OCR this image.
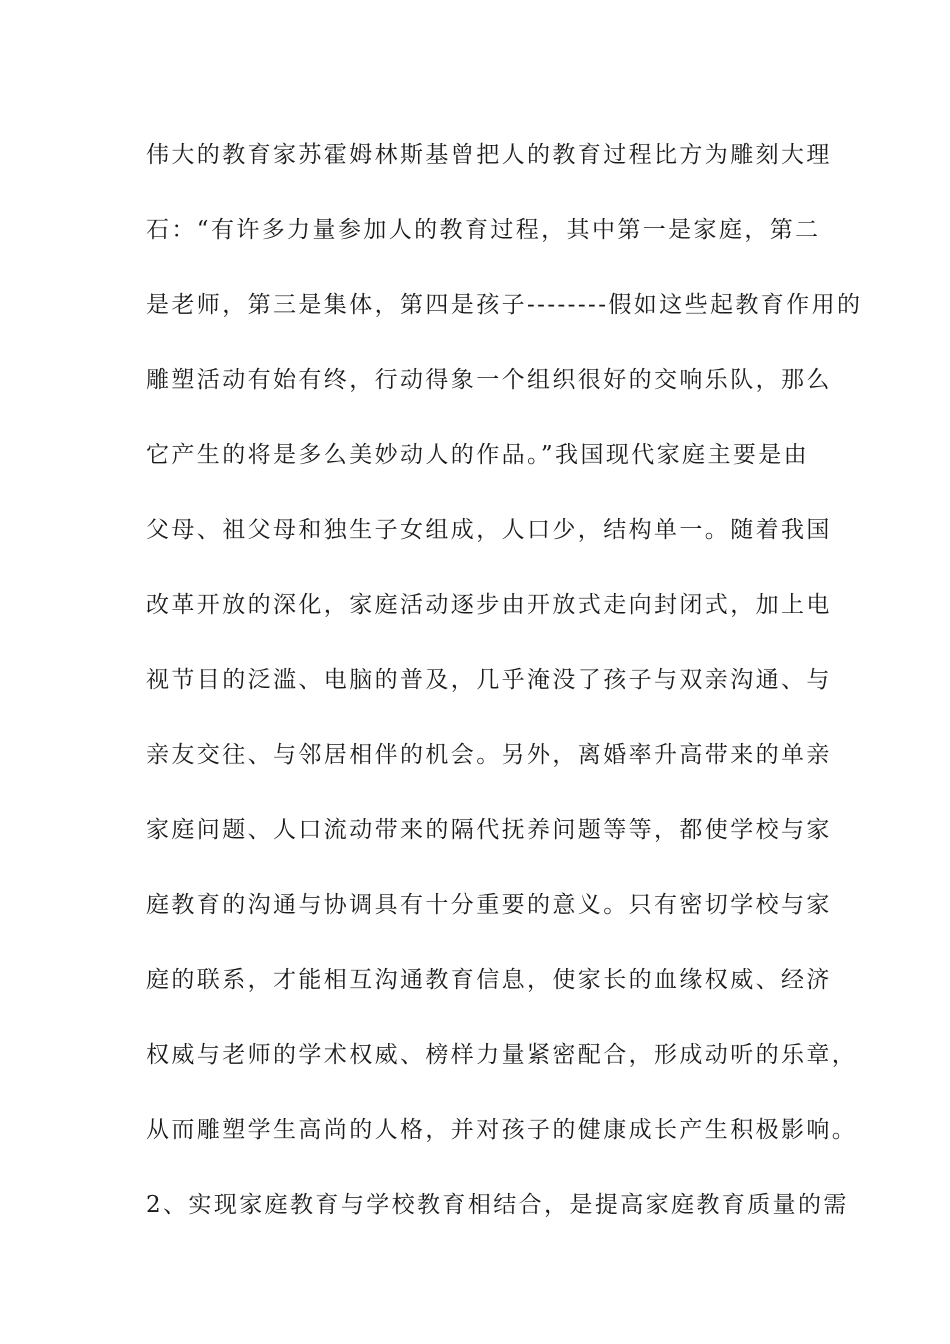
伟大的教育家苏霍姆林斯基曾把人的教育过程比方为雕刻大理
石：“有许多力量参加人的教育过程，其中第一是家庭，第二
是老师，第三是集体，第四是孩子--------假如这些起教育作用的
雕塑活动有始有终，行动得象一个组织很好的交响乐队，那么
它产生的将是多么美妙动人的作品。”我国现代家庭主要是由
父母、祖父母和独生子女组成，人口少，结构单一。随着我国
改革开放的深化，家庭活动逐步由开放式走向封闭式，加上电
视节目的泛滥、电脑的普及，几乎淹没了孩子与双亲沟通、与
亲友交往、与邻居相伴的机会。另外，离婚率升高带来的单亲
家庭问题、人口流动带来的隔代抚养问题等等，都使学校与家
庭教育的沟通与协调具有十分重要的意义。只有密切学校与家
庭的联系，才能相互沟通教育信息，使家长的血缘权威、经济
权威与老师的学术权威、榜样力量紧密配合，形成动听的乐章，
从而雕塑学生高尚的人格，并对孩子的健康成长产生积极影响。
2、实现家庭教育与学校教育相结合，是提高家庭教育质量的需
